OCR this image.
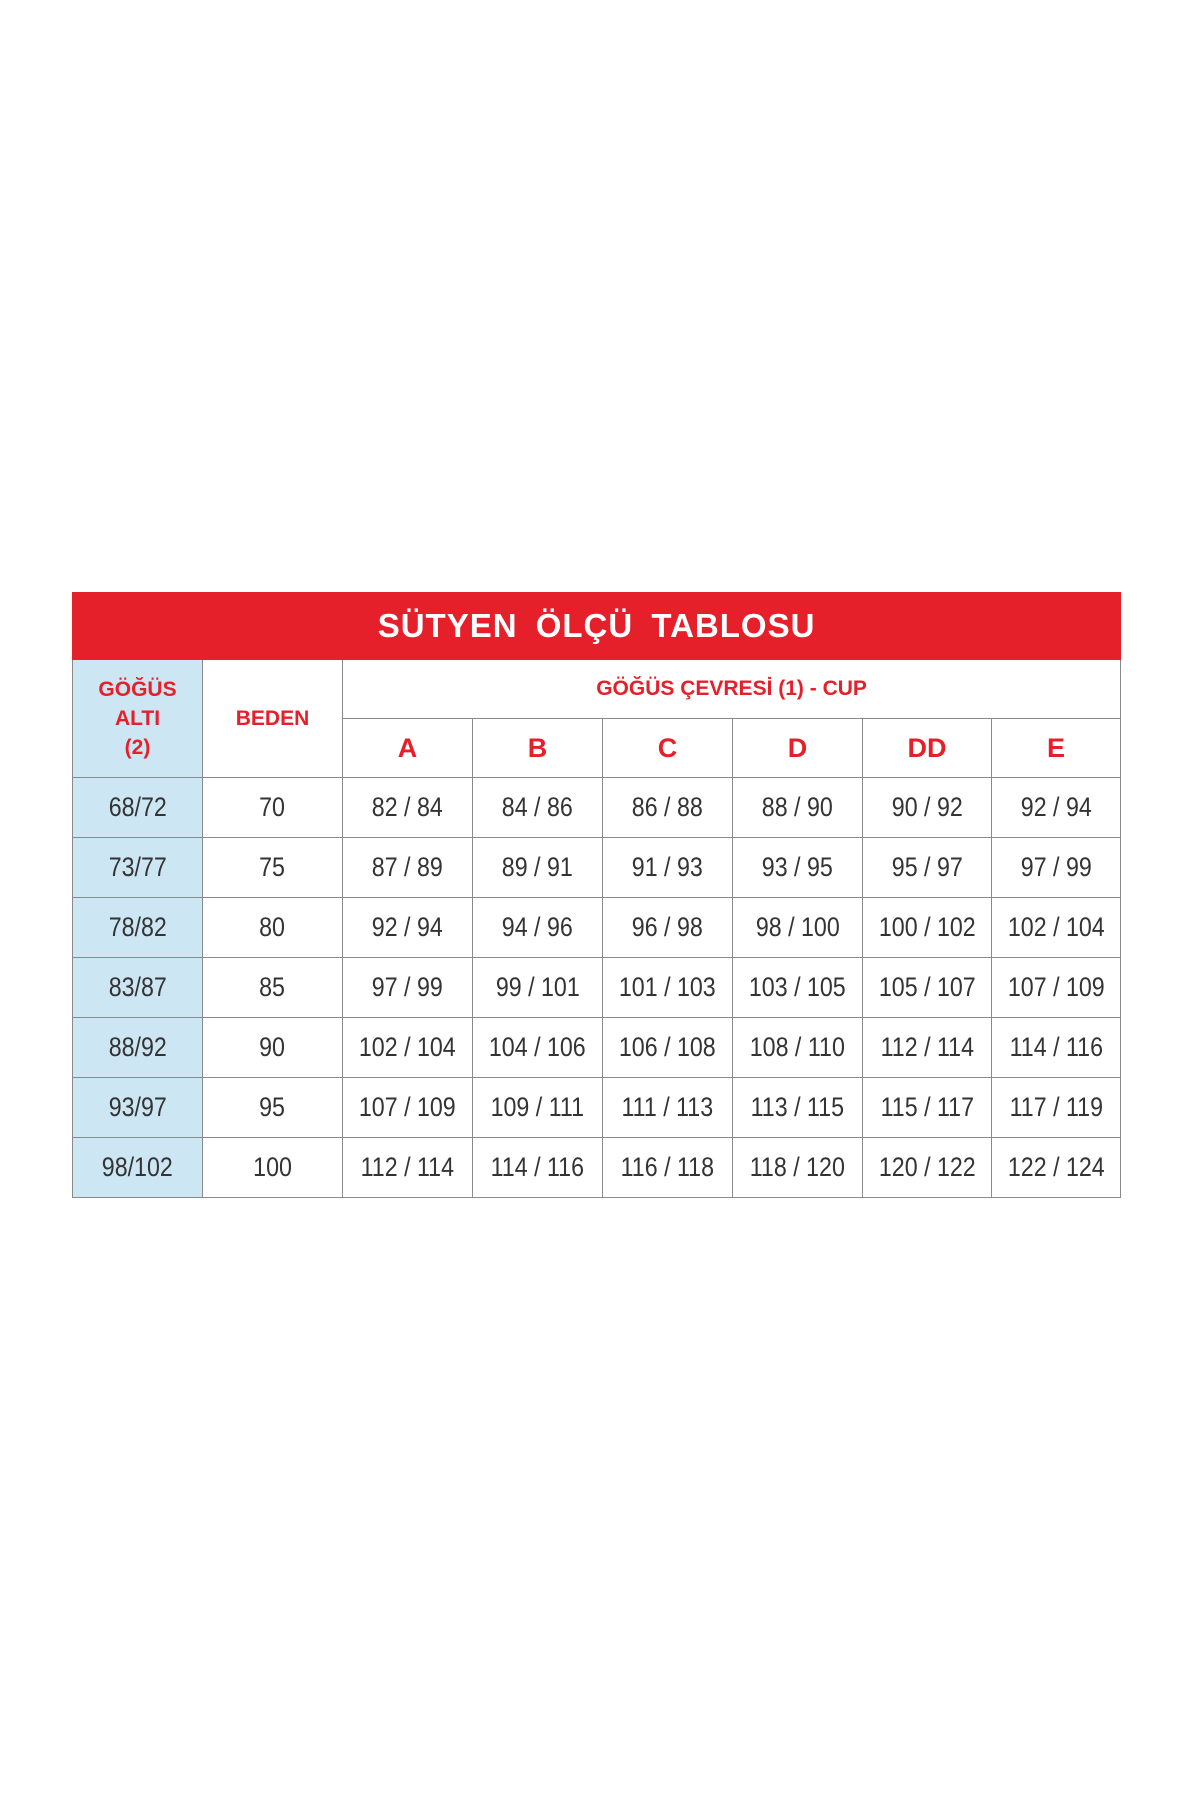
SÜTYEN ÖLÇÜ TABLOSU							

GÖĞÜS
ALTI
(2)	BEDEN	GÖĞÜS ÇEVRESİ (1) - CUP					
		A	B	C	D	DD	E
68/72	70	82 / 84	84 / 86	86 / 88	88 / 90	90 / 92	92 / 94
73/77	75	87 / 89	89 / 91	91 / 93	93 / 95	95 / 97	97 / 99
78/82	80	92 / 94	94 / 96	96 / 98	98 / 100	100 / 102	102 / 104
83/87	85	97 / 99	99 / 101	101 / 103	103 / 105	105 / 107	107 / 109
88/92	90	102 / 104	104 / 106	106 / 108	108 / 110	112 / 114	114 / 116
93/97	95	107 / 109	109 / 111	111 / 113	113 / 115	115 / 117	117 / 119
98/102	100	112 / 114	114 / 116	116 / 118	118 / 120	120 / 122	122 / 124
